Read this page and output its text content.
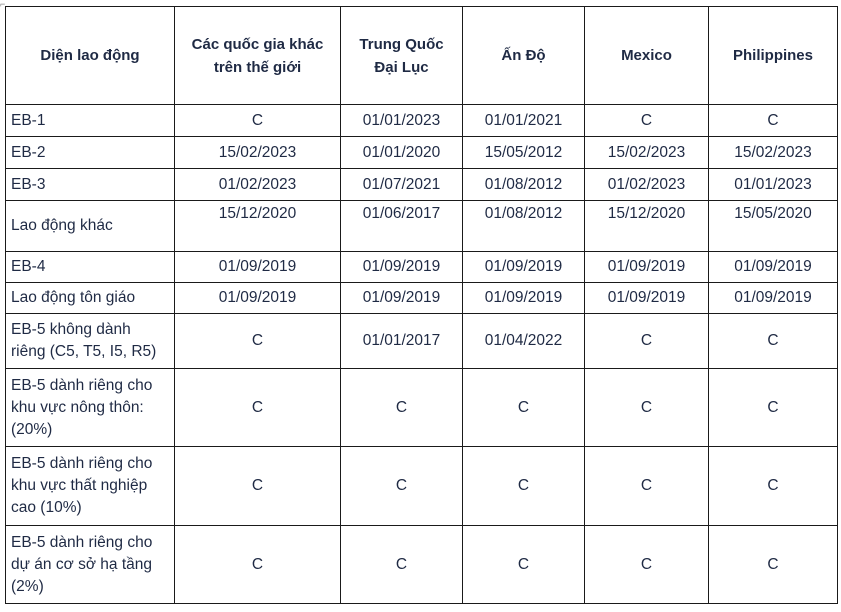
⌐
Diện lao động	Các quốc gia khác trên thế giới	Trung Quốc Đại Lục	Ấn Độ	Mexico	Philippines
EB-1	C	01/01/2023	01/01/2021	C	C
EB-2	15/02/2023	01/01/2020	15/05/2012	15/02/2023	15/02/2023
EB-3	01/02/2023	01/07/2021	01/08/2012	01/02/2023	01/01/2023
Lao động khác	15/12/2020	01/06/2017	01/08/2012	15/12/2020	15/05/2020
EB-4	01/09/2019	01/09/2019	01/09/2019	01/09/2019	01/09/2019
Lao động tôn giáo	01/09/2019	01/09/2019	01/09/2019	01/09/2019	01/09/2019
EB-5 không dành riêng (C5, T5, I5, R5)	C	01/01/2017	01/04/2022	C	C
EB-5 dành riêng cho khu vực nông thôn: (20%)	C	C	C	C	C
EB-5 dành riêng cho khu vực thất nghiệp cao (10%)	C	C	C	C	C
EB-5 dành riêng cho dự án cơ sở hạ tầng (2%)	C	C	C	C	C
